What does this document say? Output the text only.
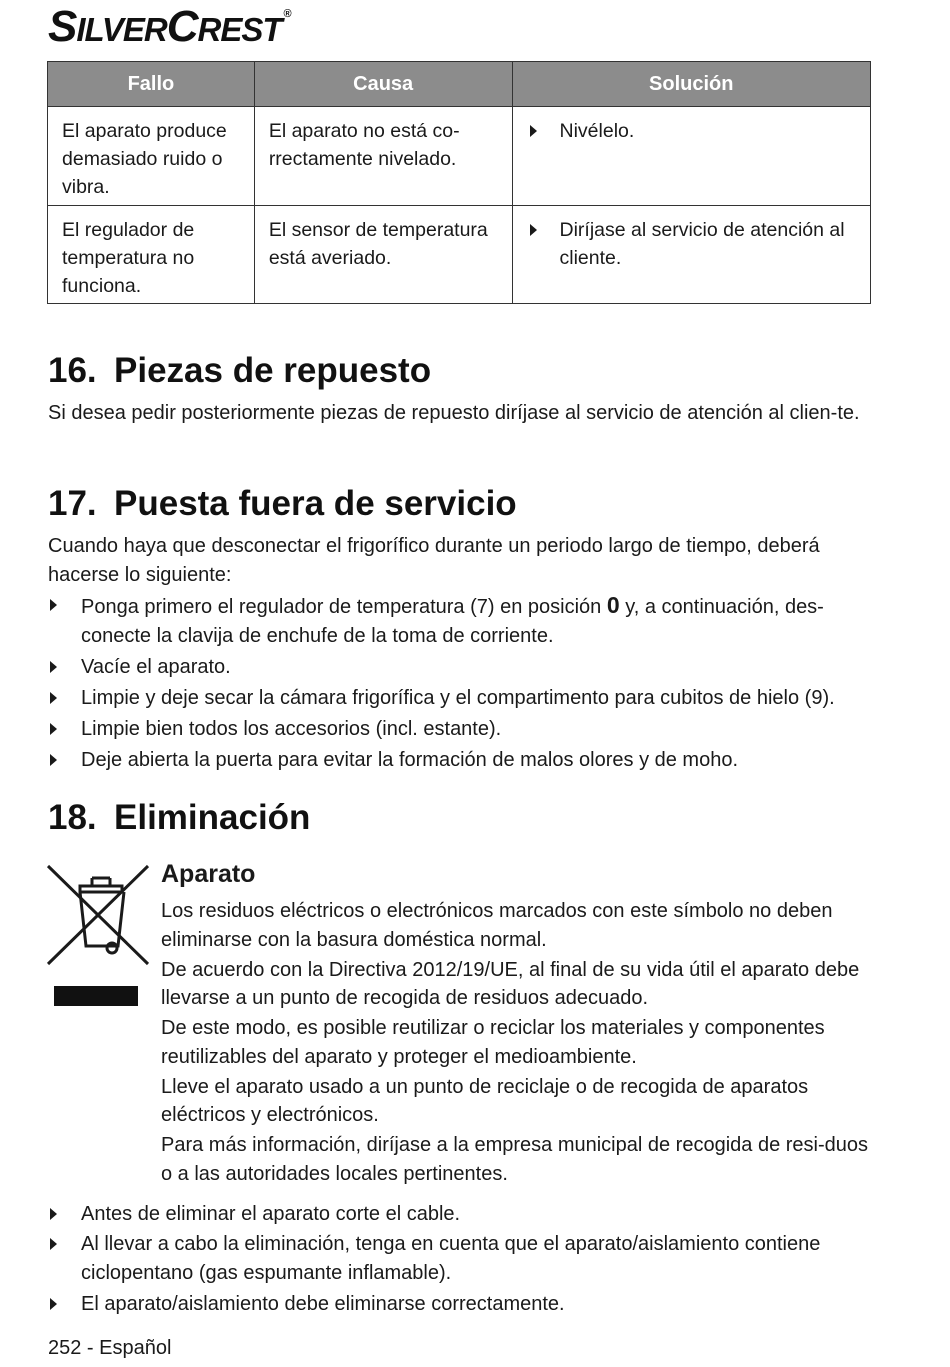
SILVERCREST ®
Fallo	Causa	Solución
El aparato produce demasiado ruido o vibra.	El aparato no está co-rrectamente nivelado.	Nivélelo.

El regulador de temperatura no funciona.	El sensor de temperatura está averiado.	Diríjase al servicio de atención al cliente.
16. Piezas de repuesto

Si desea pedir posteriormente piezas de repuesto diríjase al servicio de atención al clien-te.

17. Puesta fuera de servicio

Cuando haya que desconectar el frigorífico durante un periodo largo de tiempo, deberá hacerse lo siguiente:

Ponga primero el regulador de temperatura (7) en posición 0 y, a continuación, des-conecte la clavija de enchufe de la toma de corriente.
Vacíe el aparato.
Limpie y deje secar la cámara frigorífica y el compartimento para cubitos de hielo (9).
Limpie bien todos los accesorios (incl. estante).
Deje abierta la puerta para evitar la formación de malos olores y de moho.
18. Eliminación
Aparato

Los residuos eléctricos o electrónicos marcados con este símbolo no deben eliminarse con la basura doméstica normal.

De acuerdo con la Directiva 2012/19/UE, al final de su vida útil el aparato debe llevarse a un punto de recogida de residuos adecuado.

De este modo, es posible reutilizar o reciclar los materiales y componentes reutilizables del aparato y proteger el medioambiente.

Lleve el aparato usado a un punto de reciclaje o de recogida de aparatos eléctricos y electrónicos.

Para más información, diríjase a la empresa municipal de recogida de resi-duos o a las autoridades locales pertinentes.

Antes de eliminar el aparato corte el cable.
Al llevar a cabo la eliminación, tenga en cuenta que el aparato/aislamiento contiene ciclopentano (gas espumante inflamable).
El aparato/aislamiento debe eliminarse correctamente.
252 - Español
